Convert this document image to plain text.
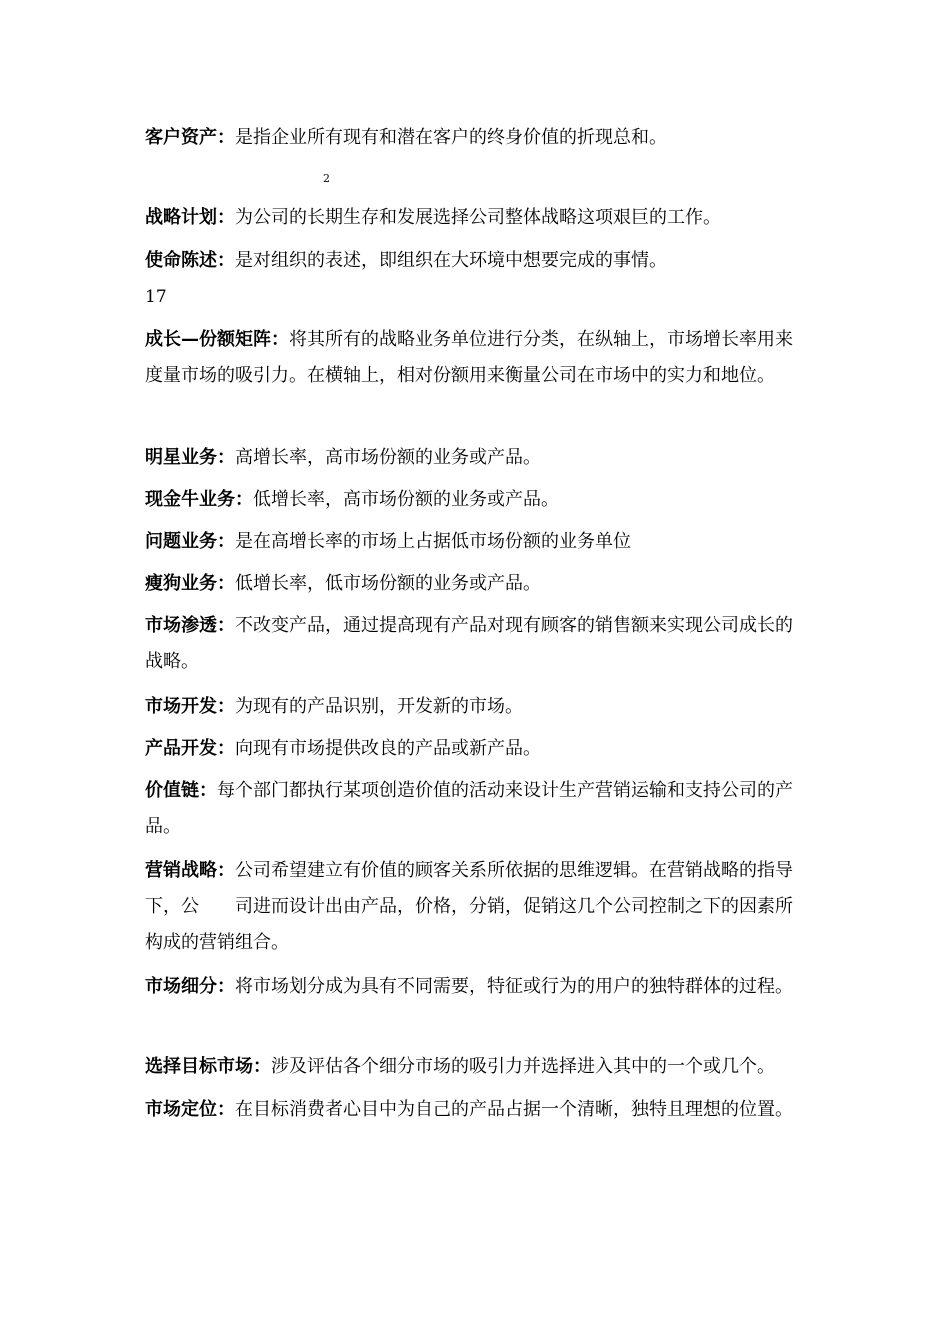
客户资产：是指企业所有现有和潜在客户的终身价值的折现总和。

2

战略计划：为公司的长期生存和发展选择公司整体战略这项艰巨的工作。

使命陈述：是对组织的表述，即组织在大环境中想要完成的事情。

17

成长—份额矩阵：将其所有的战略业务单位进行分类，在纵轴上，市场增长率用来度量市场的吸引力。在横轴上，相对份额用来衡量公司在市场中的实力和地位。

明星业务：高增长率，高市场份额的业务或产品。

现金牛业务：低增长率，高市场份额的业务或产品。

问题业务：是在高增长率的市场上占据低市场份额的业务单位

瘦狗业务：低增长率，低市场份额的业务或产品。

市场渗透：不改变产品，通过提高现有产品对现有顾客的销售额来实现公司成长的战略。

市场开发：为现有的产品识别，开发新的市场。

产品开发：向现有市场提供改良的产品或新产品。

价值链：每个部门都执行某项创造价值的活动来设计生产营销运输和支持公司的产品。

营销战略：公司希望建立有价值的顾客关系所依据的思维逻辑。在营销战略的指导下，公　　司进而设计出由产品，价格，分销，促销这几个公司控制之下的因素所构成的营销组合。

市场细分：将市场划分成为具有不同需要，特征或行为的用户的独特群体的过程。

选择目标市场：涉及评估各个细分市场的吸引力并选择进入其中的一个或几个。

市场定位：在目标消费者心目中为自己的产品占据一个清晰，独特且理想的位置。
